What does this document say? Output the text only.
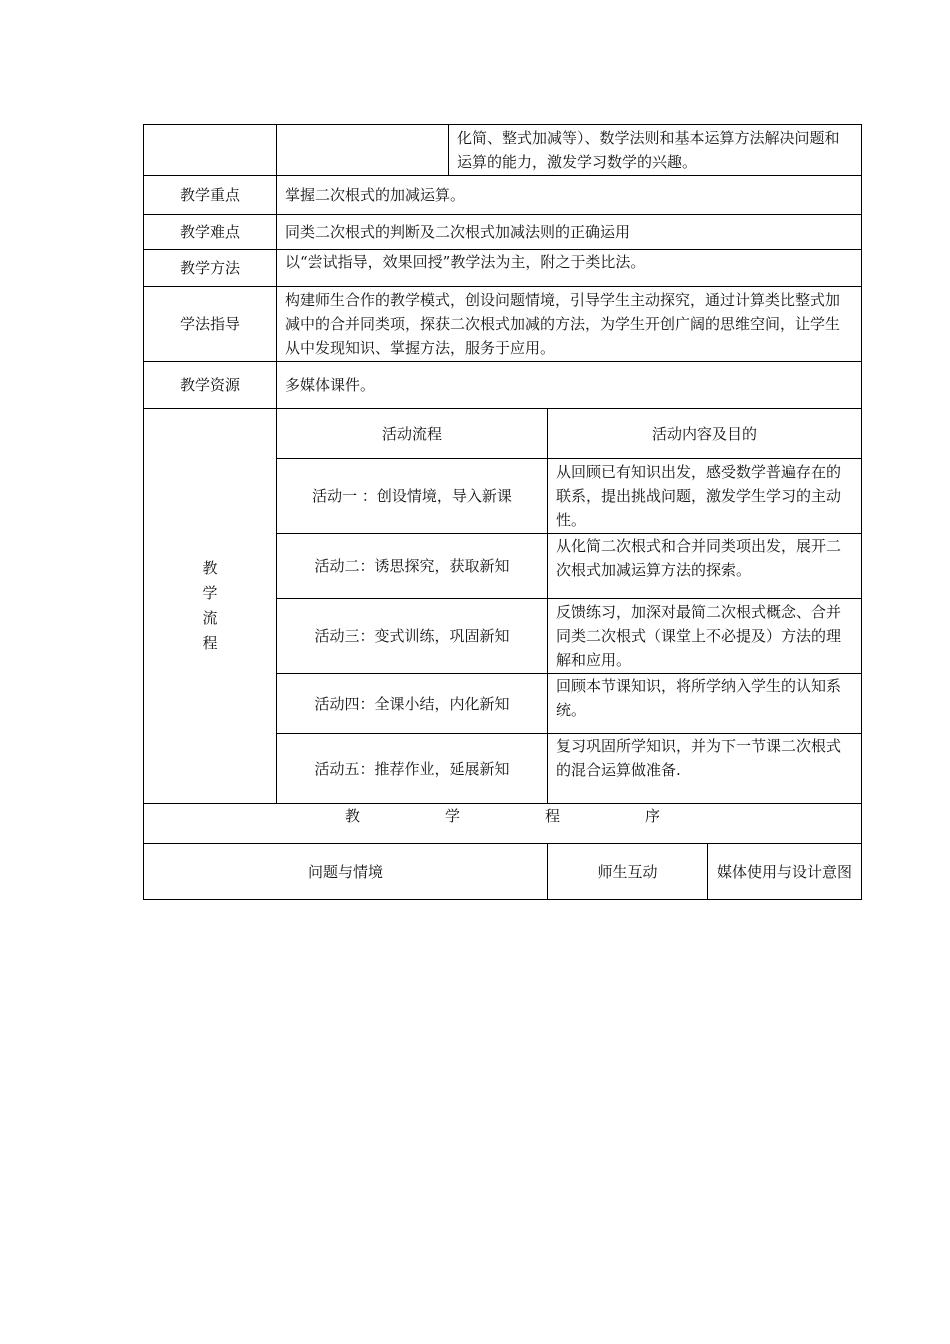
		化简、整式加减等）、数学法则和基本运算方法解决问题和运算的能力，激发学习数学的兴趣。		
教学重点	掌握二次根式的加减运算。			
教学难点	同类二次根式的判断及二次根式加减法则的正确运用			
教学方法	以“尝试指导，效果回授”教学法为主，附之于类比法。			
学法指导	构建师生合作的教学模式，创设问题情境，引导学生主动探究，通过计算类比整式加减中的合并同类项，探获二次根式加减的方法，为学生开创广阔的思维空间，让学生从中发现知识、掌握方法，服务于应用。			
教学资源	多媒体课件。			

教
学
流
程	活动流程		活动内容及目的	
	活动一 ：创设情境，导入新课		从回顾已有知识出发，感受数学普遍存在的联系，提出挑战问题，激发学生学习的主动性。	
	活动二：诱思探究，获取新知		从化简二次根式和合并同类项出发，展开二次根式加减运算方法的探索。	
	活动三：变式训练，巩固新知		反馈练习，加深对最简二次根式概念、合并同类二次根式（课堂上不必提及）方法的理解和应用。	
	活动四：全课小结，内化新知		回顾本节课知识，将所学纳入学生的认知系统。	
	活动五：推荐作业，延展新知		复习巩固所学知识，并为下一节课二次根式的混合运算做准备.	
教 学 程 序				
问题与情境			师生互动	媒体使用与设计意图
